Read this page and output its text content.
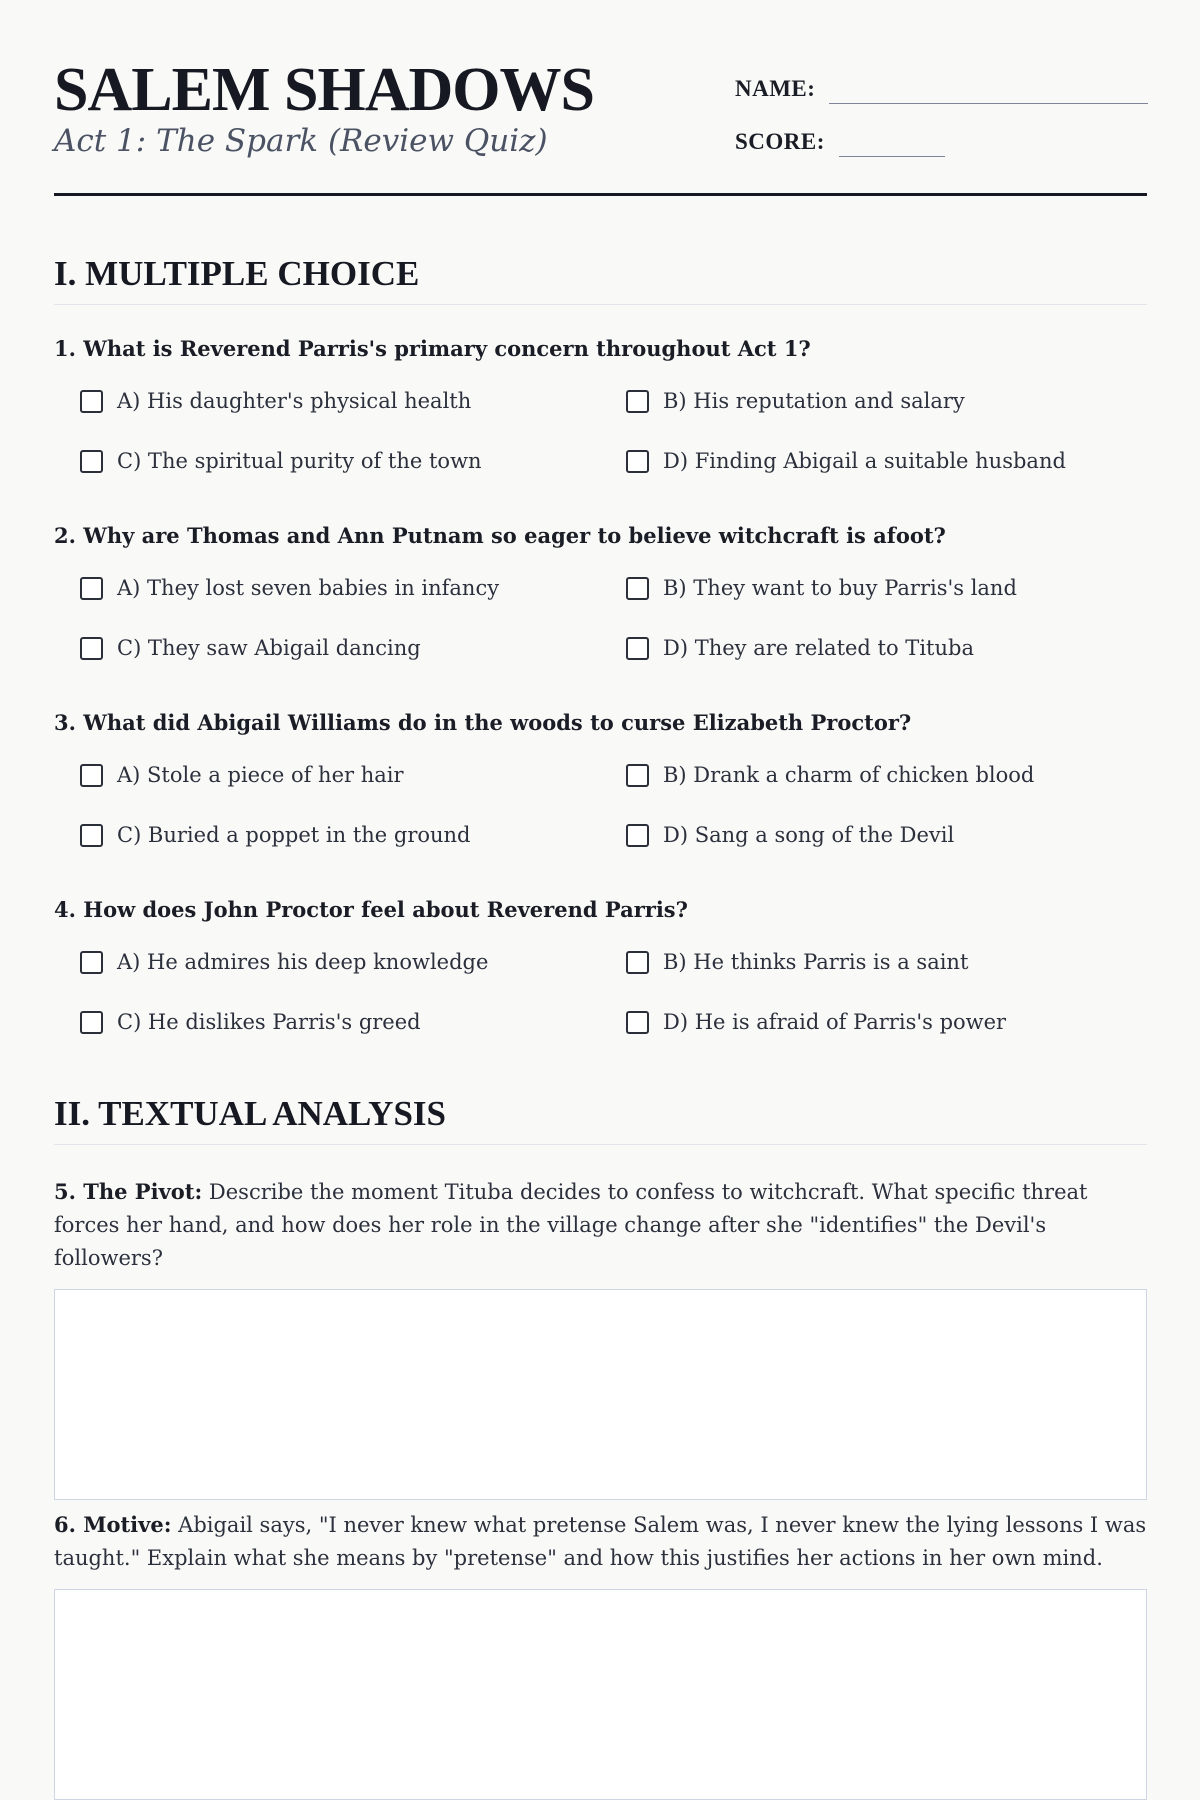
SALEM SHADOWS

Act 1: The Spark (Review Quiz)

NAME:
SCORE:
I. MULTIPLE CHOICE

1. What is Reverend Parris's primary concern throughout Act 1?

A) His daughter's physical health	B) His reputation and salary
C) The spiritual purity of the town	D) Finding Abigail a suitable husband

2. Why are Thomas and Ann Putnam so eager to believe witchcraft is afoot?

A) They lost seven babies in infancy	B) They want to buy Parris's land
C) They saw Abigail dancing	D) They are related to Tituba

3. What did Abigail Williams do in the woods to curse Elizabeth Proctor?

A) Stole a piece of her hair	B) Drank a charm of chicken blood
C) Buried a poppet in the ground	D) Sang a song of the Devil

4. How does John Proctor feel about Reverend Parris?

A) He admires his deep knowledge	B) He thinks Parris is a saint
C) He dislikes Parris's greed	D) He is afraid of Parris's power
II. TEXTUAL ANALYSIS

5. The Pivot: Describe the moment Tituba decides to confess to witchcraft. What specific threat forces her hand, and how does her role in the village change after she "identifies" the Devil's followers?

6. Motive: Abigail says, "I never knew what pretense Salem was, I never knew the lying lessons I was taught." Explain what she means by "pretense" and how this justifies her actions in her own mind.
